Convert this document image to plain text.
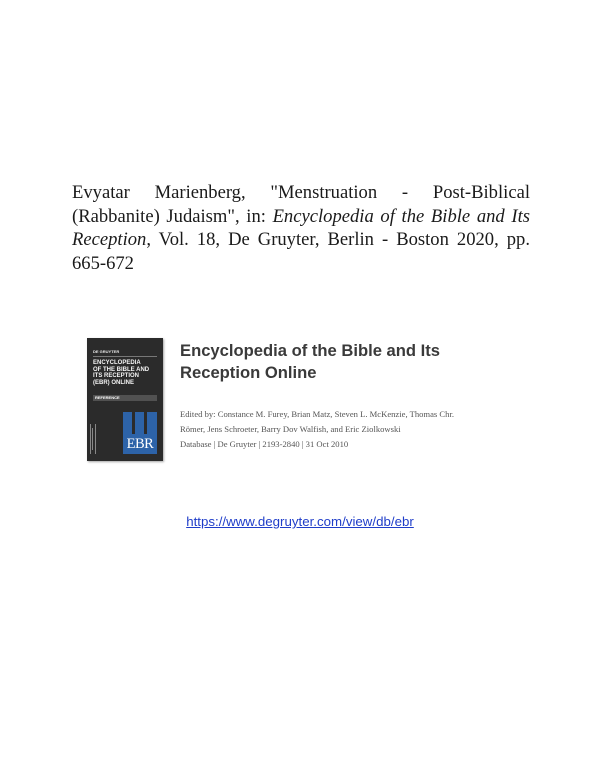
Evyatar Marienberg, "Menstruation - Post-Biblical
(Rabbanite) Judaism", in: Encyclopedia of the Bible and Its
Reception, Vol. 18, De Gruyter, Berlin - Boston 2020, pp.
665-672
DE GRUYTER
ENCYCLOPEDIA
OF THE BIBLE AND
ITS RECEPTION
(EBR) ONLINE
REFERENCE
EBR
Encyclopedia of the Bible and Its
Reception Online
Edited by: Constance M. Furey, Brian Matz, Steven L. McKenzie, Thomas Chr.
Römer, Jens Schroeter, Barry Dov Walfish, and Eric Ziolkowski
Database | De Gruyter | 2193-2840 | 31 Oct 2010
https://www.degruyter.com/view/db/ebr
